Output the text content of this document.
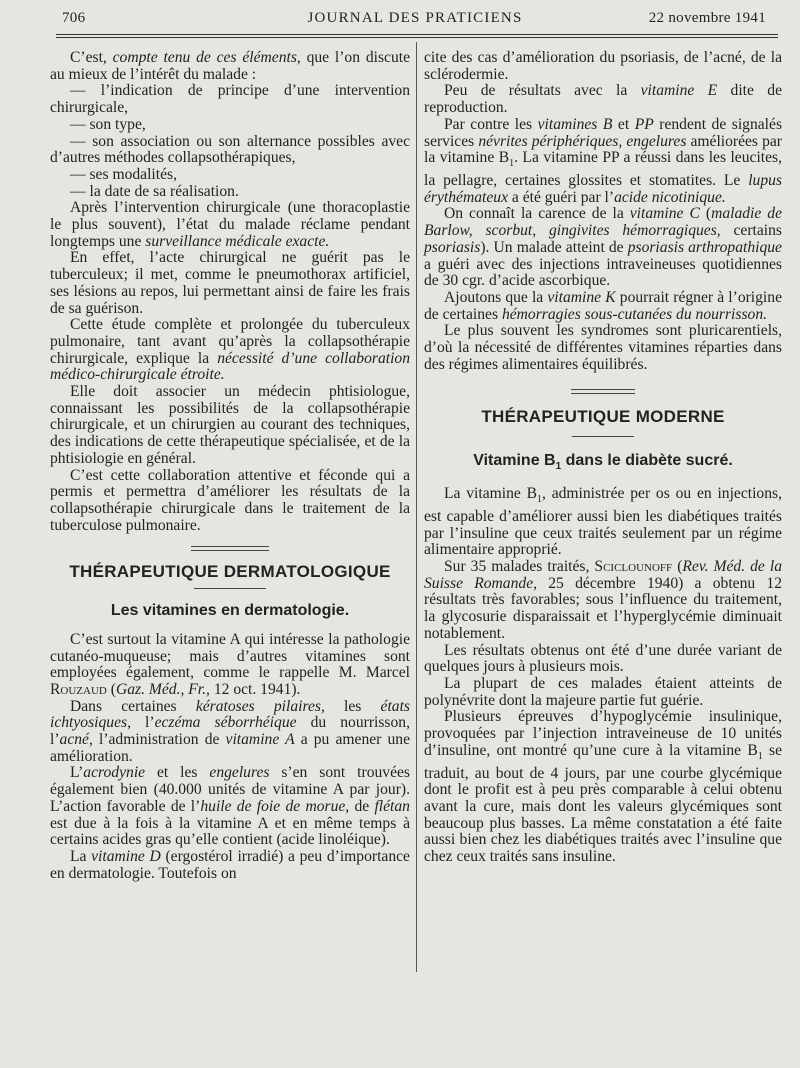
706	JOURNAL DES PRATICIENS	22 novembre 1941

C’est, compte tenu de ces éléments, que l’on discute au mieux de l’intérêt du malade :

— l’indication de principe d’une intervention chirurgicale,

— son type,

— son association ou son alternance possibles avec d’autres méthodes collapsothérapiques,

— ses modalités,

— la date de sa réalisation.

Après l’intervention chirurgicale (une thoracoplastie le plus souvent), l’état du malade réclame pendant longtemps une surveillance médicale exacte.

En effet, l’acte chirurgical ne guérit pas le tuberculeux; il met, comme le pneumothorax artificiel, ses lésions au repos, lui permettant ainsi de faire les frais de sa guérison.

Cette étude complète et prolongée du tuberculeux pulmonaire, tant avant qu’après la collapsothérapie chirurgicale, explique la nécessité d’une collaboration médico-chirurgicale étroite.

Elle doit associer un médecin phtisiologue, connaissant les possibilités de la collapsothérapie chirurgicale, et un chirurgien au courant des techniques, des indications de cette thérapeutique spécialisée, et de la phtisiologie en général.

C’est cette collaboration attentive et féconde qui a permis et permettra d’améliorer les résultats de la collapsothérapie chirurgicale dans le traitement de la tuberculose pulmonaire.

THÉRAPEUTIQUE DERMATOLOGIQUE
Les vitamines en dermatologie.

C’est surtout la vitamine A qui intéresse la pathologie cutanéo-muqueuse; mais d’autres vitamines sont employées également, comme le rappelle M. Marcel Rouzaud (Gaz. Méd., Fr., 12 oct. 1941).

Dans certaines kératoses pilaires, les états ichtyosiques, l’eczéma séborrhéique du nourrisson, l’acné, l’administration de vitamine A a pu amener une amélioration.

L’acrodynie et les engelures s’en sont trouvées également bien (40.000 unités de vitamine A par jour). L’action favorable de l’huile de foie de morue, de flétan est due à la fois à la vitamine A et en même temps à certains acides gras qu’elle contient (acide linoléique).

La vitamine D (ergostérol irradié) a peu d’importance en dermatologie. Toutefois on

cite des cas d’amélioration du psoriasis, de l’acné, de la sclérodermie.

Peu de résultats avec la vitamine E dite de reproduction.

Par contre les vitamines B et PP rendent de signalés services névrites périphériques, engelures améliorées par la vitamine $B_1$. La vitamine PP a réussi dans les leucites, la pellagre, certaines glossites et stomatites. Le lupus érythémateux a été guéri par l’acide nicotinique.

On connaît la carence de la vitamine C (maladie de Barlow, scorbut, gingivites hémorragiques, certains psoriasis). Un malade atteint de psoriasis arthropathique a guéri avec des injections intraveineuses quotidiennes de 30 cgr. d’acide ascorbique.

Ajoutons que la vitamine K pourrait régner à l’origine de certaines hémorragies sous-cutanées du nourrisson.

Le plus souvent les syndromes sont pluricarentiels, d’où la nécessité de différentes vitamines réparties dans des régimes alimentaires équilibrés.

THÉRAPEUTIQUE MODERNE
Vitamine $B_1$ dans le diabète sucré.

La vitamine $B_1$, administrée per os ou en injections, est capable d’améliorer aussi bien les diabétiques traités par l’insuline que ceux traités seulement par un régime alimentaire approprié.

Sur 35 malades traités, Sciclounoff (Rev. Méd. de la Suisse Romande, 25 décembre 1940) a obtenu 12 résultats très favorables; sous l’influence du traitement, la glycosurie disparaissait et l’hyperglycémie diminuait notablement.

Les résultats obtenus ont été d’une durée variant de quelques jours à plusieurs mois.

La plupart de ces malades étaient atteints de polynévrite dont la majeure partie fut guérie.

Plusieurs épreuves d’hypoglycémie insulinique, provoquées par l’injection intraveineuse de 10 unités d’insuline, ont montré qu’une cure à la vitamine $B_1$ se traduit, au bout de 4 jours, par une courbe glycémique dont le profit est à peu près comparable à celui obtenu avant la cure, mais dont les valeurs glycémiques sont beaucoup plus basses. La même constatation a été faite aussi bien chez les diabétiques traités avec l’insuline que chez ceux traités sans insuline.
